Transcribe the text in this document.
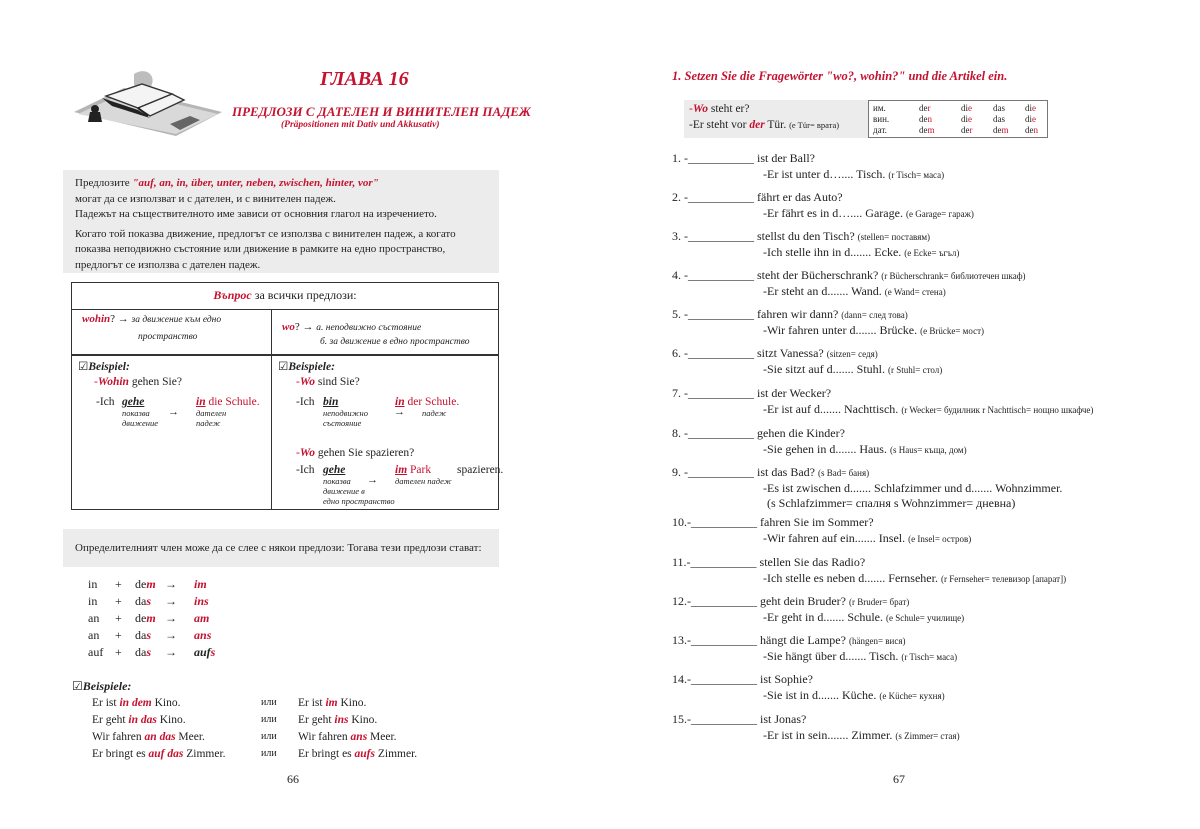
ГЛАВА 16
ПРЕДЛОЗИ С ДАТЕЛЕН И ВИНИТЕЛЕН ПАДЕЖ
(Präpositionen mit Dativ und Akkusativ)
Предлозите "auf, an, in, über, unter, neben, zwischen, hinter, vor"
могат да се използват и с дателен, и с винителен падеж.
Падежът на съществителното име зависи от основния глагол на изречението.
Когато той показва движение, предлогът се използва с винителен падеж, а когато
показва неподвижно състояние или движение в рамките на едно пространство,
предлогът се използва с дателен падеж.
Въпрос за всички предлози:
wohin? → за движение към едно
пространство
wo? → а. неподвижно състояние
б. за движение в едно пространство
☑Beispiel:
-Wohin gehen Sie?
-Ich gehe	in die Schule.
показва
движение
→ дателен
падеж
☑Beispiele:
-Wo sind Sie?
-Ich bin	in der Schule.
неподвижно
състояние
→ падеж
-Wo gehen Sie spazieren?
-Ich gehe	im Park spazieren.
показва
движение в
едно пространство
→ дателен падеж
Определителният член може да се слее с някои предлози: Тогава тези предлози стават:
in + dem → im
in + das → ins
an + dem → am
an + das → ans
auf + das → aufs
☑Beispiele:
Er ist in dem Kino.	или Er ist im Kino.
Er geht in das Kino.	или Er geht ins Kino.
Wir fahren an das Meer.	или Wir fahren ans Meer.
Er bringt es auf das Zimmer.	или Er bringt es aufs Zimmer.
66
1. Setzen Sie die Fragewörter "wo?, wohin?" und die Artikel ein.
-Wo steht er?
-Er steht vor der Tür. (e Tür= врата)
им.	der	die das die
вин.	den	die das die
дат.	dem	der dem den
1. -___________ ist der Ball?
-Er ist unter d….... Tisch. (r Tisch= маса)
2. -___________ fährt er das Auto?
-Er fährt es in d….... Garage. (e Garage= гараж)
3. -___________ stellst du den Tisch? (stellen= поставям)
-Ich stelle ihn in d....... Ecke. (e Ecke= ъгъл)
4. -___________ steht der Bücherschrank? (r Bücherschrank= библиотечен шкаф)
-Er steht an d....... Wand. (e Wand= стена)
5. -___________ fahren wir dann? (dann= след това)
-Wir fahren unter d....... Brücke. (e Brücke= мост)
6. -___________ sitzt Vanessa? (sitzen= седя)
-Sie sitzt auf d....... Stuhl. (r Stuhl= стол)
7. -___________ ist der Wecker?
-Er ist auf d....... Nachttisch. (r Wecker= будилник r Nachttisch= нощно шкафче)
8. -___________ gehen die Kinder?
-Sie gehen in d....... Haus. (s Haus= къща, дом)
9. -___________ ist das Bad? (s Bad= баня)
-Es ist zwischen d....... Schlafzimmer und d....... Wohnzimmer.
(s Schlafzimmer= спалня s Wohnzimmer= дневна)
10.-___________ fahren Sie im Sommer?
-Wir fahren auf ein....... Insel. (e Insel= остров)
11.-___________ stellen Sie das Radio?
-Ich stelle es neben d....... Fernseher. (r Fernseher= телевизор [апарат])
12.-___________ geht dein Bruder? (r Bruder= брат)
-Er geht in d....... Schule. (e Schule= училище)
13.-___________ hängt die Lampe? (hängen= вися)
-Sie hängt über d....... Tisch. (r Tisch= маса)
14.-___________ ist Sophie?
-Sie ist in d....... Küche. (e Küche= кухня)
15.-___________ ist Jonas?
-Er ist in sein....... Zimmer. (s Zimmer= стая)
67
